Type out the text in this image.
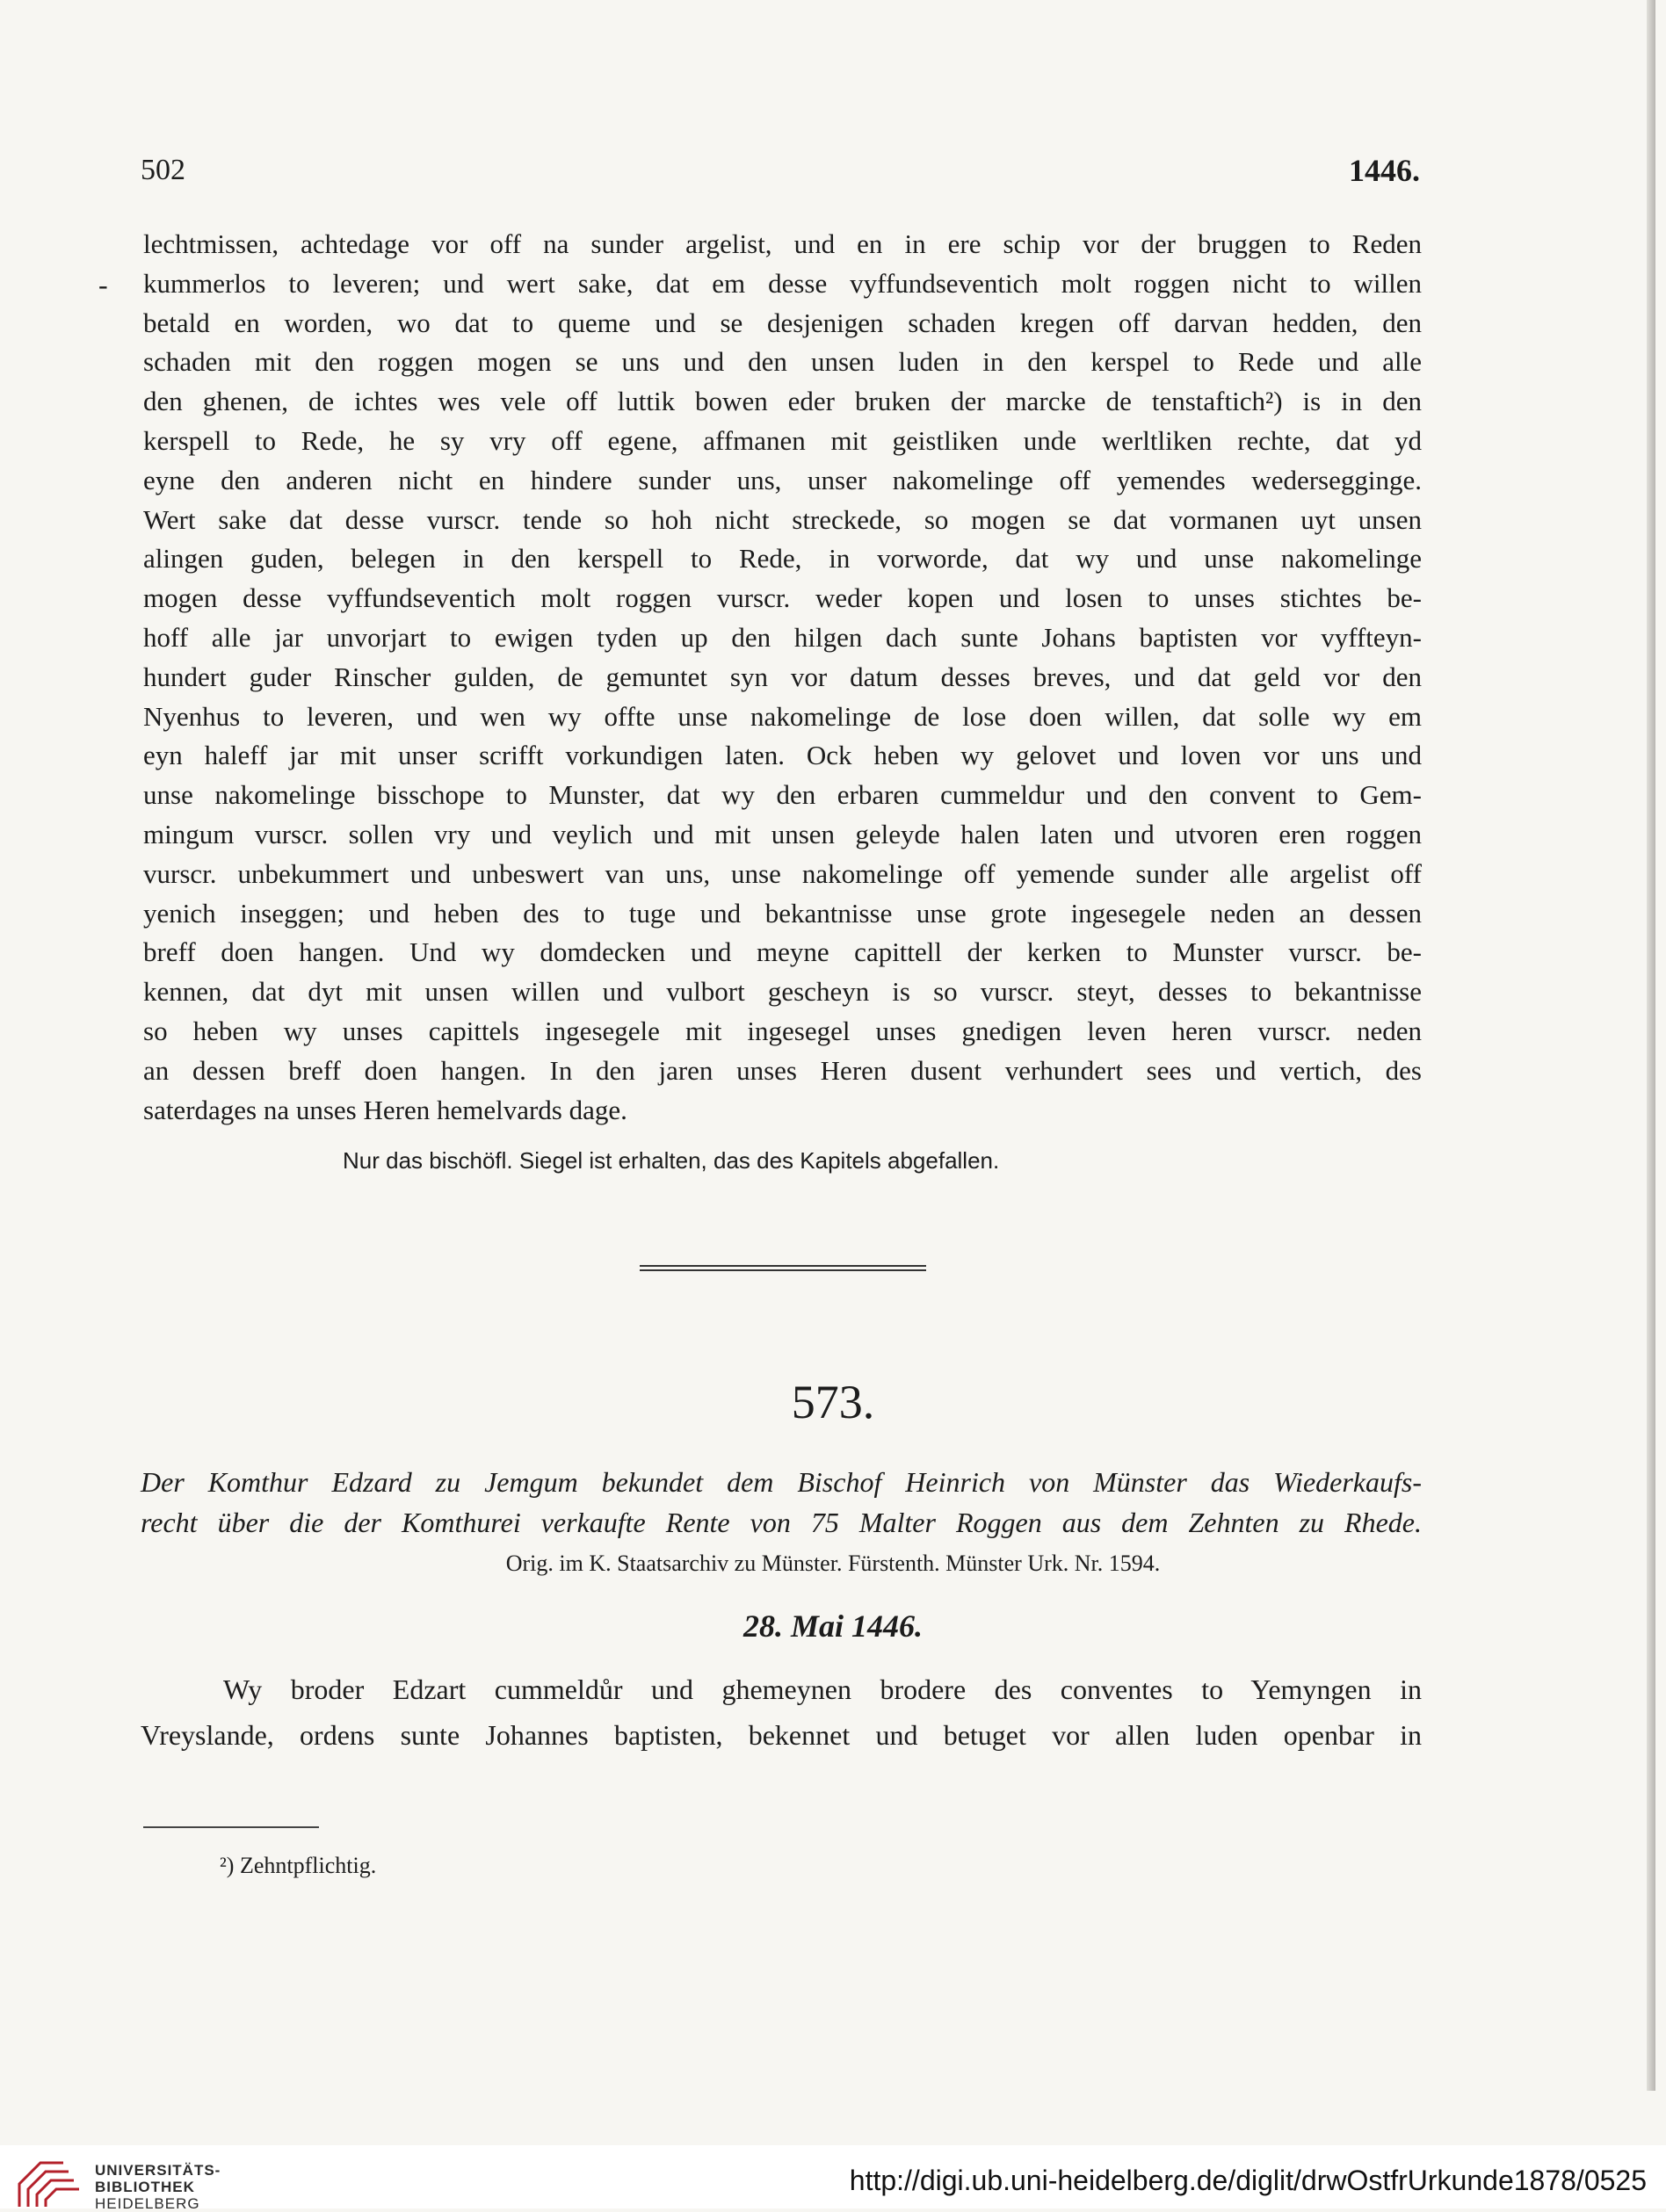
502	1446.
-
lechtmissen, achtedage vor off na sunder argelist, und en in ere schip vor der bruggen to Reden
kummerlos to leveren; und wert sake, dat em desse vyffundseventich molt roggen nicht to willen
betald en worden, wo dat to queme und se desjenigen schaden kregen off darvan hedden, den
schaden mit den roggen mogen se uns und den unsen luden in den kerspel to Rede und alle
den ghenen, de ichtes wes vele off luttik bowen eder bruken der marcke de tenstaftich²) is in den
kerspell to Rede, he sy vry off egene, affmanen mit geistliken unde werltliken rechte, dat yd
eyne den anderen nicht en hindere sunder uns, unser nakomelinge off yemendes wedersegginge.
Wert sake dat desse vurscr. tende so hoh nicht streckede, so mogen se dat vormanen uyt unsen
alingen guden, belegen in den kerspell to Rede, in vorworde, dat wy und unse nakomelinge
mogen desse vyffundseventich molt roggen vurscr. weder kopen und losen to unses stichtes be-
hoff alle jar unvorjart to ewigen tyden up den hilgen dach sunte Johans baptisten vor vyffteyn-
hundert guder Rinscher gulden, de gemuntet syn vor datum desses breves, und dat geld vor den
Nyenhus to leveren, und wen wy offte unse nakomelinge de lose doen willen, dat solle wy em
eyn haleff jar mit unser scrifft vorkundigen laten. Ock heben wy gelovet und loven vor uns und
unse nakomelinge bisschope to Munster, dat wy den erbaren cummeldur und den convent to Gem-
mingum vurscr. sollen vry und veylich und mit unsen geleyde halen laten und utvoren eren roggen
vurscr. unbekummert und unbeswert van uns, unse nakomelinge off yemende sunder alle argelist off
yenich inseggen; und heben des to tuge und bekantnisse unse grote ingesegele neden an dessen
breff doen hangen. Und wy domdecken und meyne capittell der kerken to Munster vurscr. be-
kennen, dat dyt mit unsen willen und vulbort gescheyn is so vurscr. steyt, desses to bekantnisse
so heben wy unses capittels ingesegele mit ingesegel unses gnedigen leven heren vurscr. neden
an dessen breff doen hangen. In den jaren unses Heren dusent verhundert sees und vertich, des
saterdages na unses Heren hemelvards dage.
Nur das bischöfl. Siegel ist erhalten, das des Kapitels abgefallen.
573.
Der Komthur Edzard zu Jemgum bekundet dem Bischof Heinrich von Münster das Wiederkaufs-
recht über die der Komthurei verkaufte Rente von 75 Malter Roggen aus dem Zehnten zu Rhede.
Orig. im K. Staatsarchiv zu Münster. Fürstenth. Münster Urk. Nr. 1594.
28. Mai 1446.
Wy broder Edzart cummeldůr und ghemeynen brodere des conventes to Yemyngen in
Vreyslande, ordens sunte Johannes baptisten, bekennet und betuget vor allen luden openbar in
²) Zehntpflichtig.
UNIVERSITÄTS-
BIBLIOTHEK
HEIDELBERG
http://digi.ub.uni-heidelberg.de/diglit/drwOstfrUrkunde1878/0525
